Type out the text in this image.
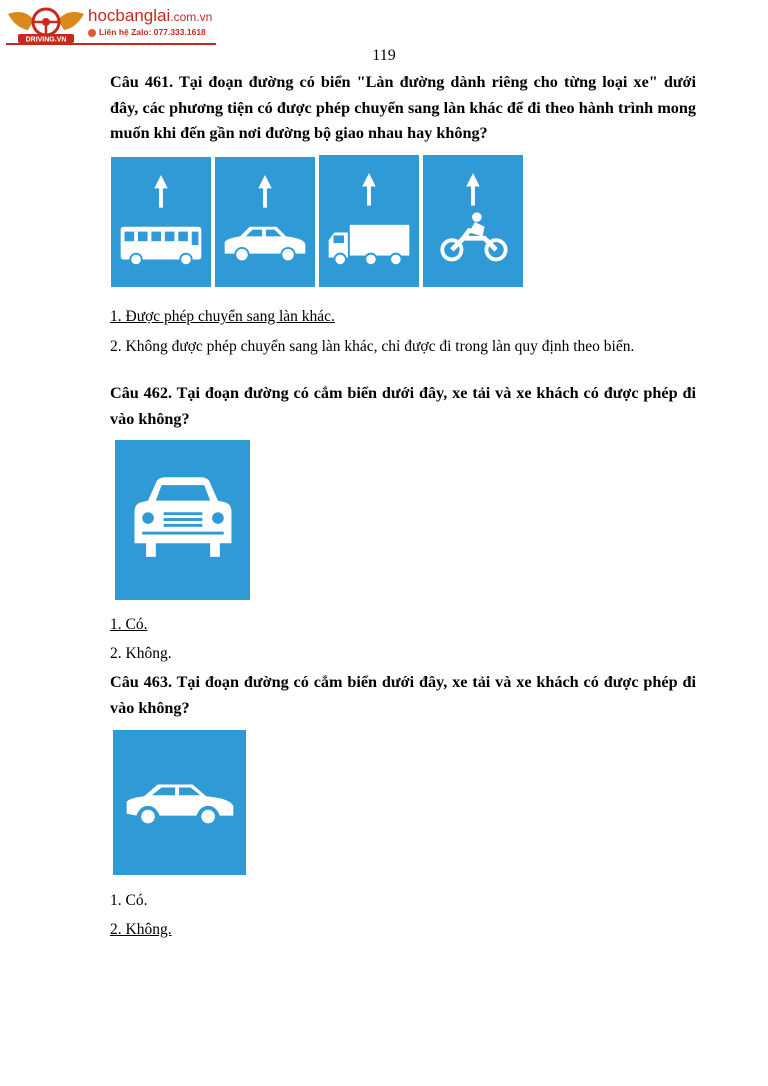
DRIVING.VN
hocbanglai.com.vn
Liên hệ Zalo: 077.333.1618
119
Câu 461. Tại đoạn đường có biển "Làn đường dành riêng cho từng loại xe" dưới đây, các phương tiện có được phép chuyển sang làn khác để đi theo hành trình mong muốn khi đến gần nơi đường bộ giao nhau hay không?
1. Được phép chuyển sang làn khác.
2. Không được phép chuyển sang làn khác, chỉ được đi trong làn quy định theo biển.
Câu 462. Tại đoạn đường có cắm biển dưới đây, xe tải và xe khách có được phép đi vào không?
1. Có.
2. Không.
Câu 463. Tại đoạn đường có cắm biển dưới đây, xe tải và xe khách có được phép đi vào không?
1. Có.
2. Không.
